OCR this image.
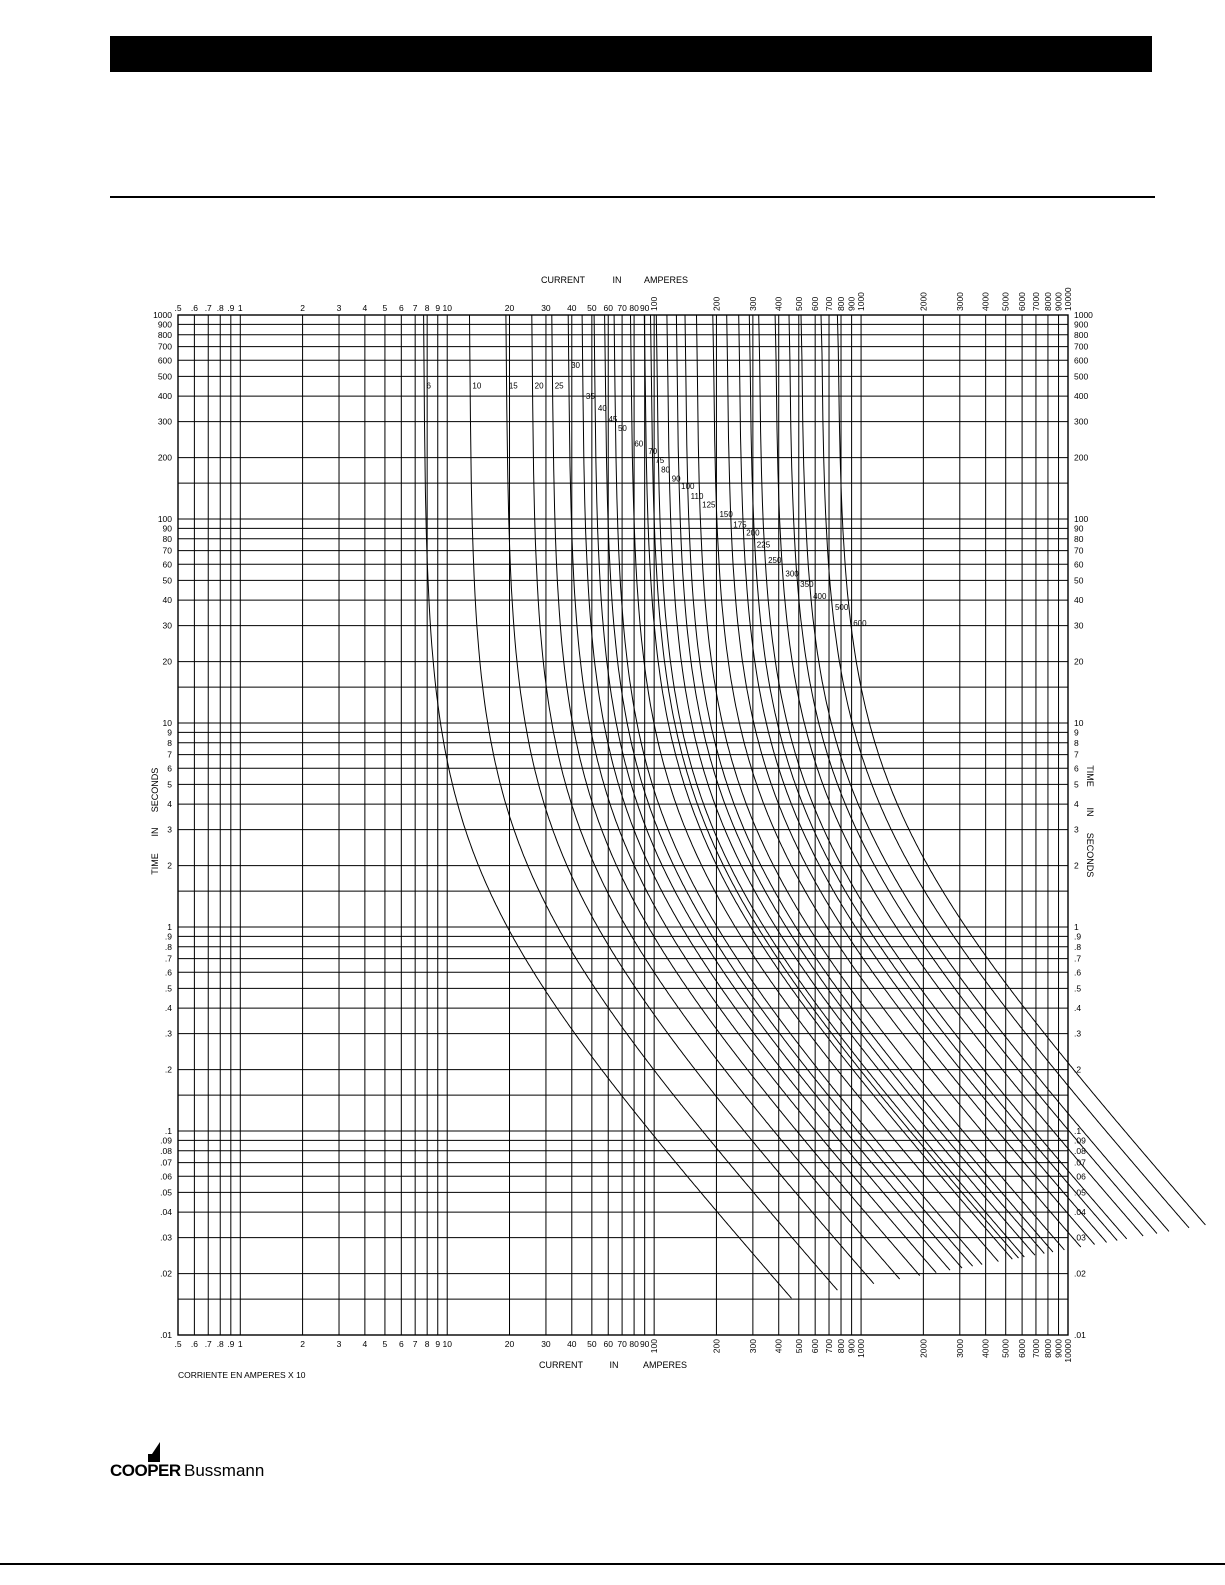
.5
.5
.6
.6
.7
.7
.8
.8
.9
.9
1
1
2
2
3
3
4
4
5
5
6
6
7
7
8
8
9
9
10
10
20
20
30
30
40
40
50
50
60
60
70
70
80
80
90
90
100
100
200
200
300
300
400
400
500
500
600
600
700
700
800
800
900
900
1000
1000
2000
2000
3000
3000
4000
4000
5000
5000
6000
6000
7000
7000
8000
8000
9000
9000
10000
10000
1000	1000
900	900
800	800
700	700
600	600
500	500
400	400
300	300
200	200
100	100
90	90
80	80
70	70
60	60
50	50
40	40
30	30
20	20
10	10
9	9
8	8
7	7
6	6
5	5
4	4
3	3
2	2
1	1
.9	.9
.8	.8
.7	.7
.6	.6
.5	.5
.4	.4
.3	.3
.2	.2
.1	.1
.09	.09
.08	.08
.07	.07
.06	.06
.05	.05
.04	.04
.03	.03
.02	.02
.01	.01
CURRENT	IN AMPERES
CURRENT	IN	AMPERES
CORRIENTE EN AMPERES X 10
TIME
IN
SECONDS	TIME
IN
SECONDS
6	10	15 20 25
30
35
40
45
50
60
70
75
80
90
100
110
125
150
175
200
225
250
300
350
400
500
600
COOPER Bussmann
